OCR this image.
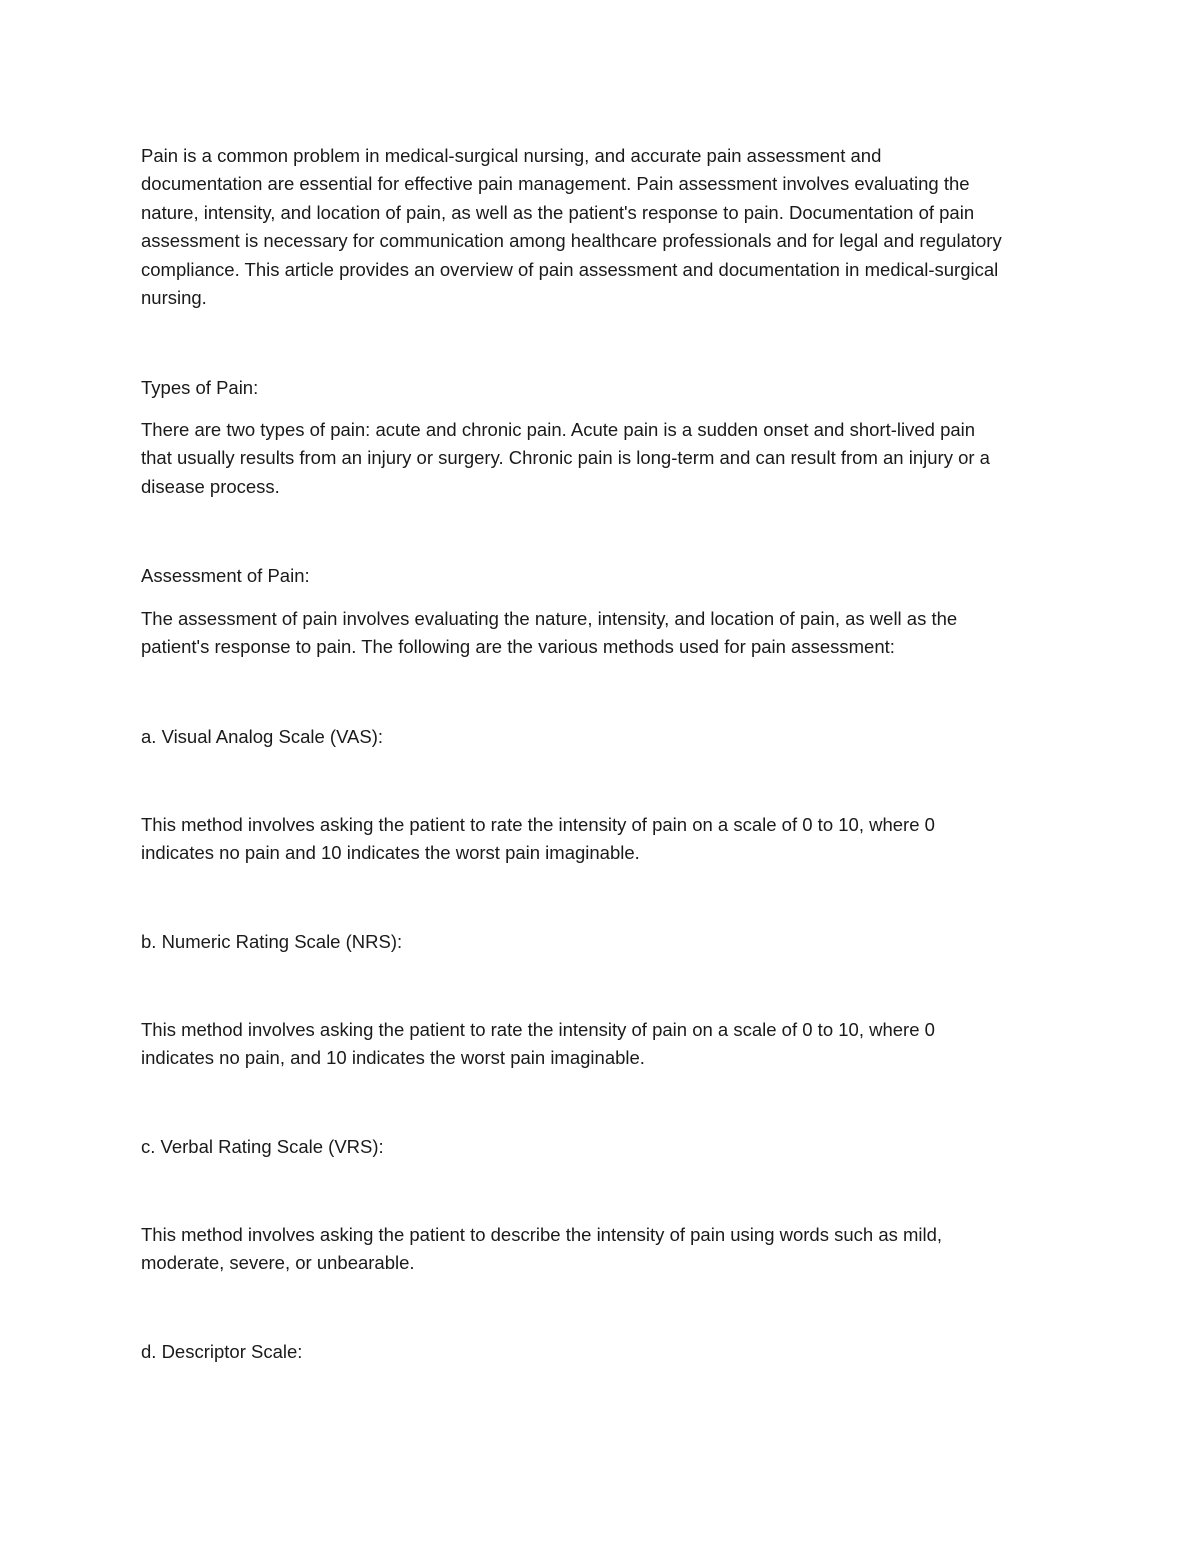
Pain is a common problem in medical-surgical nursing, and accurate pain assessment and
documentation are essential for effective pain management. Pain assessment involves evaluating the
nature, intensity, and location of pain, as well as the patient's response to pain. Documentation of pain
assessment is necessary for communication among healthcare professionals and for legal and regulatory
compliance. This article provides an overview of pain assessment and documentation in medical-surgical
nursing.

Types of Pain:

There are two types of pain: acute and chronic pain. Acute pain is a sudden onset and short-lived pain
that usually results from an injury or surgery. Chronic pain is long-term and can result from an injury or a
disease process.

Assessment of Pain:

The assessment of pain involves evaluating the nature, intensity, and location of pain, as well as the
patient's response to pain. The following are the various methods used for pain assessment:

a. Visual Analog Scale (VAS):

This method involves asking the patient to rate the intensity of pain on a scale of 0 to 10, where 0
indicates no pain and 10 indicates the worst pain imaginable.

b. Numeric Rating Scale (NRS):

This method involves asking the patient to rate the intensity of pain on a scale of 0 to 10, where 0
indicates no pain, and 10 indicates the worst pain imaginable.

c. Verbal Rating Scale (VRS):

This method involves asking the patient to describe the intensity of pain using words such as mild,
moderate, severe, or unbearable.

d. Descriptor Scale:
